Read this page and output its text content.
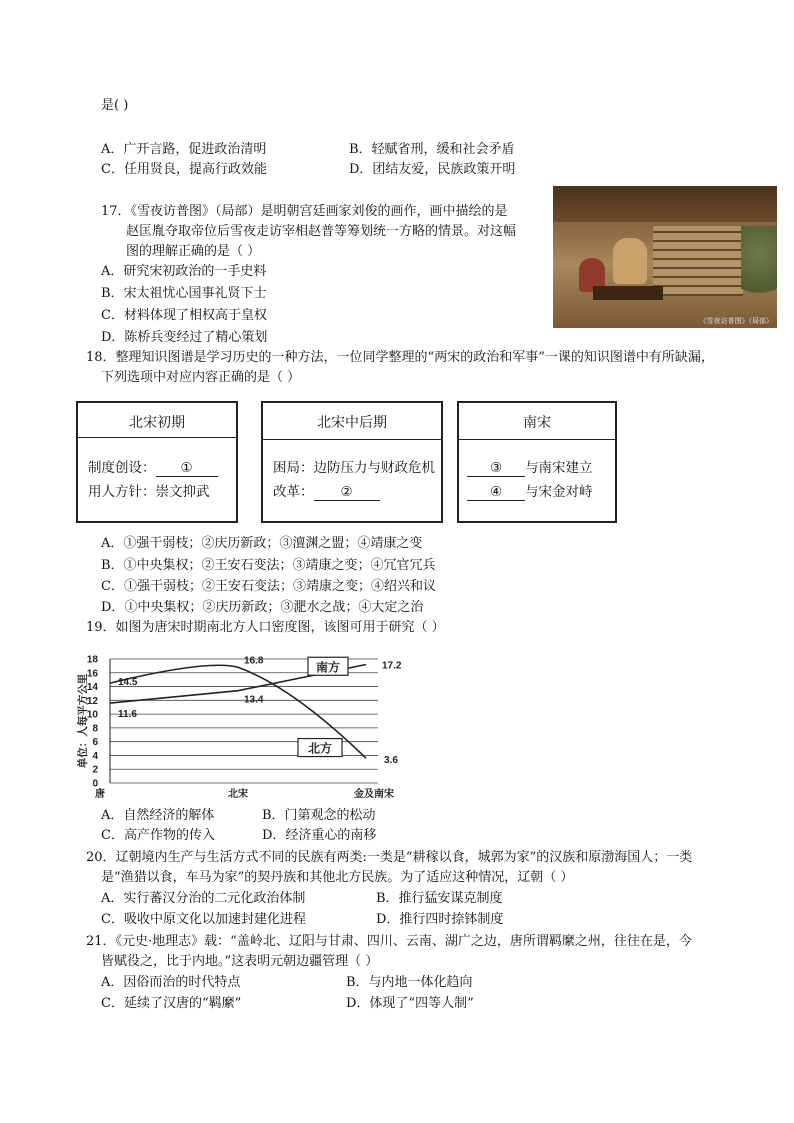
是( )
A．广开言路，促进政治清明	B．轻赋省刑，缓和社会矛盾
C．任用贤良，提高行政效能	D．团结友爱，民族政策开明
17．《雪夜访普图》（局部）是明朝宫廷画家刘俊的画作，画中描绘的是
赵匡胤夺取帝位后雪夜走访宰相赵普等筹划统一方略的情景。对这幅
图的理解正确的是（ ）
A．研究宋初政治的一手史料
B．宋太祖忧心国事礼贤下士
C．材料体现了相权高于皇权
D．陈桥兵变经过了精心策划
《雪夜访普图》（局部）
18．整理知识图谱是学习历史的一种方法，一位同学整理的“两宋的政治和军事”一课的知识图谱中有所缺漏，
下列选项中对应内容正确的是（ ）
北宋初期
制度创设： ①
用人方针：崇文抑武
北宋中后期
困局：边防压力与财政危机
改革： ②
南宋
③ 与南宋建立
④ 与宋金对峙
A．①强干弱枝；②庆历新政；③澶渊之盟；④靖康之变
B．①中央集权；②王安石变法；③靖康之变；④冗官冗兵
C．①强干弱枝；②王安石变法；③靖康之变；④绍兴和议
D．①中央集权；②庆历新政；③淝水之战；④大定之治
19．如图为唐宋时期南北方人口密度图，该图可用于研究（ ）
0
2
4
6
8
10
12
14
16
18
唐	北宋	金及南宋
单位：人每平方公里	14.5
16.8	17.2
11.6
13.4
3.6
南方
北方
A．自然经济的解体	B．门第观念的松动
C．高产作物的传入	D．经济重心的南移
20．辽朝境内生产与生活方式不同的民族有两类:一类是“耕稼以食，城郭为家”的汉族和原渤海国人；一类
是“渔猎以食，车马为家”的契丹族和其他北方民族。为了适应这种情况，辽朝（ ）
A．实行蕃汉分治的二元化政治体制	B．推行猛安谋克制度
C．吸收中原文化以加速封建化进程	D．推行四时捺钵制度
21．《元史·地理志》载：“盖岭北、辽阳与甘肃、四川、云南、湖广之边，唐所谓羁縻之州，往往在是，今
皆赋役之，比于内地。”这表明元朝边疆管理（ ）
A．因俗而治的时代特点	B．与内地一体化趋向
C．延续了汉唐的“羁縻”	D．体现了“四等人制”
